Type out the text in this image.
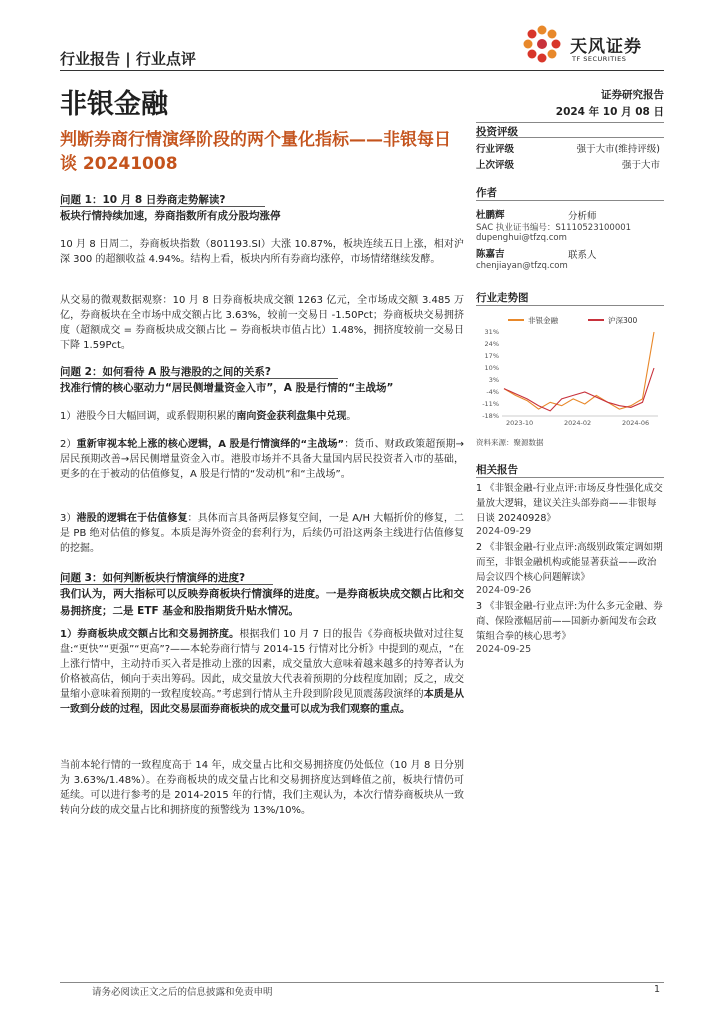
行业报告 | 行业点评
天风证券
TF SECURITIES
非银金融	证券研究报告
2024 年 10 月 08 日
判断券商行情演绎阶段的两个量化指标——非银每日
谈 20241008
投资评级
行业评级	强于大市(维持评级)
上次评级	强于大市
作者
杜鹏辉	分析师
SAC 执业证书编号：S1110523100001
dupenghui@tfzq.com
陈嘉吉	联系人
chenjiayan@tfzq.com
行业走势图
非银金融	沪深300
31%
24%
17%
10%
3%
-4%
-11%
-18%
2023-10	2024-02	2024-06
资料来源：聚源数据
相关报告
1 《非银金融-行业点评:市场反身性强化成交量放大逻辑，建议关注头部券商——非银每日谈 20240928》
2024-09-29
2 《非银金融-行业点评:高级别政策定调如期而至，非银金融机构或能显著获益——政治局会议四个核心问题解读》
2024-09-26
3 《非银金融-行业点评:为什么多元金融、券商、保险涨幅居前——国新办新闻发布会政策组合拳的核心思考》
2024-09-25
问题 1：10 月 8 日券商走势解读?
板块行情持续加速，券商指数所有成分股均涨停
10 月 8 日周二，券商板块指数（801193.SI）大涨 10.87%，板块连续五日上涨，相对沪深 300 的超额收益 4.94%。结构上看，板块内所有券商均涨停，市场情绪继续发酵。
从交易的微观数据观察：10 月 8 日券商板块成交额 1263 亿元，全市场成交额 3.485 万亿，券商板块在全市场中成交额占比 3.63%，较前一交易日 -1.50Pct；券商板块交易拥挤度（超额成交 = 券商板块成交额占比 − 券商板块市值占比）1.48%，拥挤度较前一交易日下降 1.59Pct。
问题 2：如何看待 A 股与港股的之间的关系?
找准行情的核心驱动力“居民侧增量资金入市”，A 股是行情的“主战场”
1）港股今日大幅回调，或系假期积累的南向资金获利盘集中兑现。
2）重新审视本轮上涨的核心逻辑，A 股是行情演绎的“主战场”：货币、财政政策超预期→居民预期改善→居民侧增量资金入市。港股市场并不具备大量国内居民投资者入市的基础，更多的在于被动的估值修复，A 股是行情的“发动机”和“主战场”。
3）港股的逻辑在于估值修复：具体而言具备两层修复空间，一是 A/H 大幅折价的修复，二是 PB 绝对估值的修复。本质是海外资金的套利行为，后续仍可沿这两条主线进行估值修复的挖掘。
问题 3：如何判断板块行情演绎的进度?
我们认为，两大指标可以反映券商板块行情演绎的进度。一是券商板块成交额占比和交易拥挤度；二是 ETF 基金和股指期货升贴水情况。
1）券商板块成交额占比和交易拥挤度。根据我们 10 月 7 日的报告《券商板块做对过往复盘:“更快”“更强”“更高”?——本轮券商行情与 2014-15 行情对比分析》中提到的观点，“在上涨行情中，主动持币买入者是推动上涨的因素，成交量放大意味着越来越多的持筹者认为价格被高估，倾向于卖出筹码。因此，成交量放大代表着预期的分歧程度加剧；反之，成交量缩小意味着预期的一致程度较高。”考虑到行情从主升段到阶段见顶震荡段演绎的本质是从一致到分歧的过程，因此交易层面券商板块的成交量可以成为我们观察的重点。
当前本轮行情的一致程度高于 14 年，成交量占比和交易拥挤度仍处低位（10 月 8 日分别为 3.63%/1.48%）。在券商板块的成交量占比和交易拥挤度达到峰值之前，板块行情仍可延续。可以进行参考的是 2014-2015 年的行情，我们主观认为，本次行情券商板块从一致转向分歧的成交量占比和拥挤度的预警线为 13%/10%。
请务必阅读正文之后的信息披露和免责申明	1
